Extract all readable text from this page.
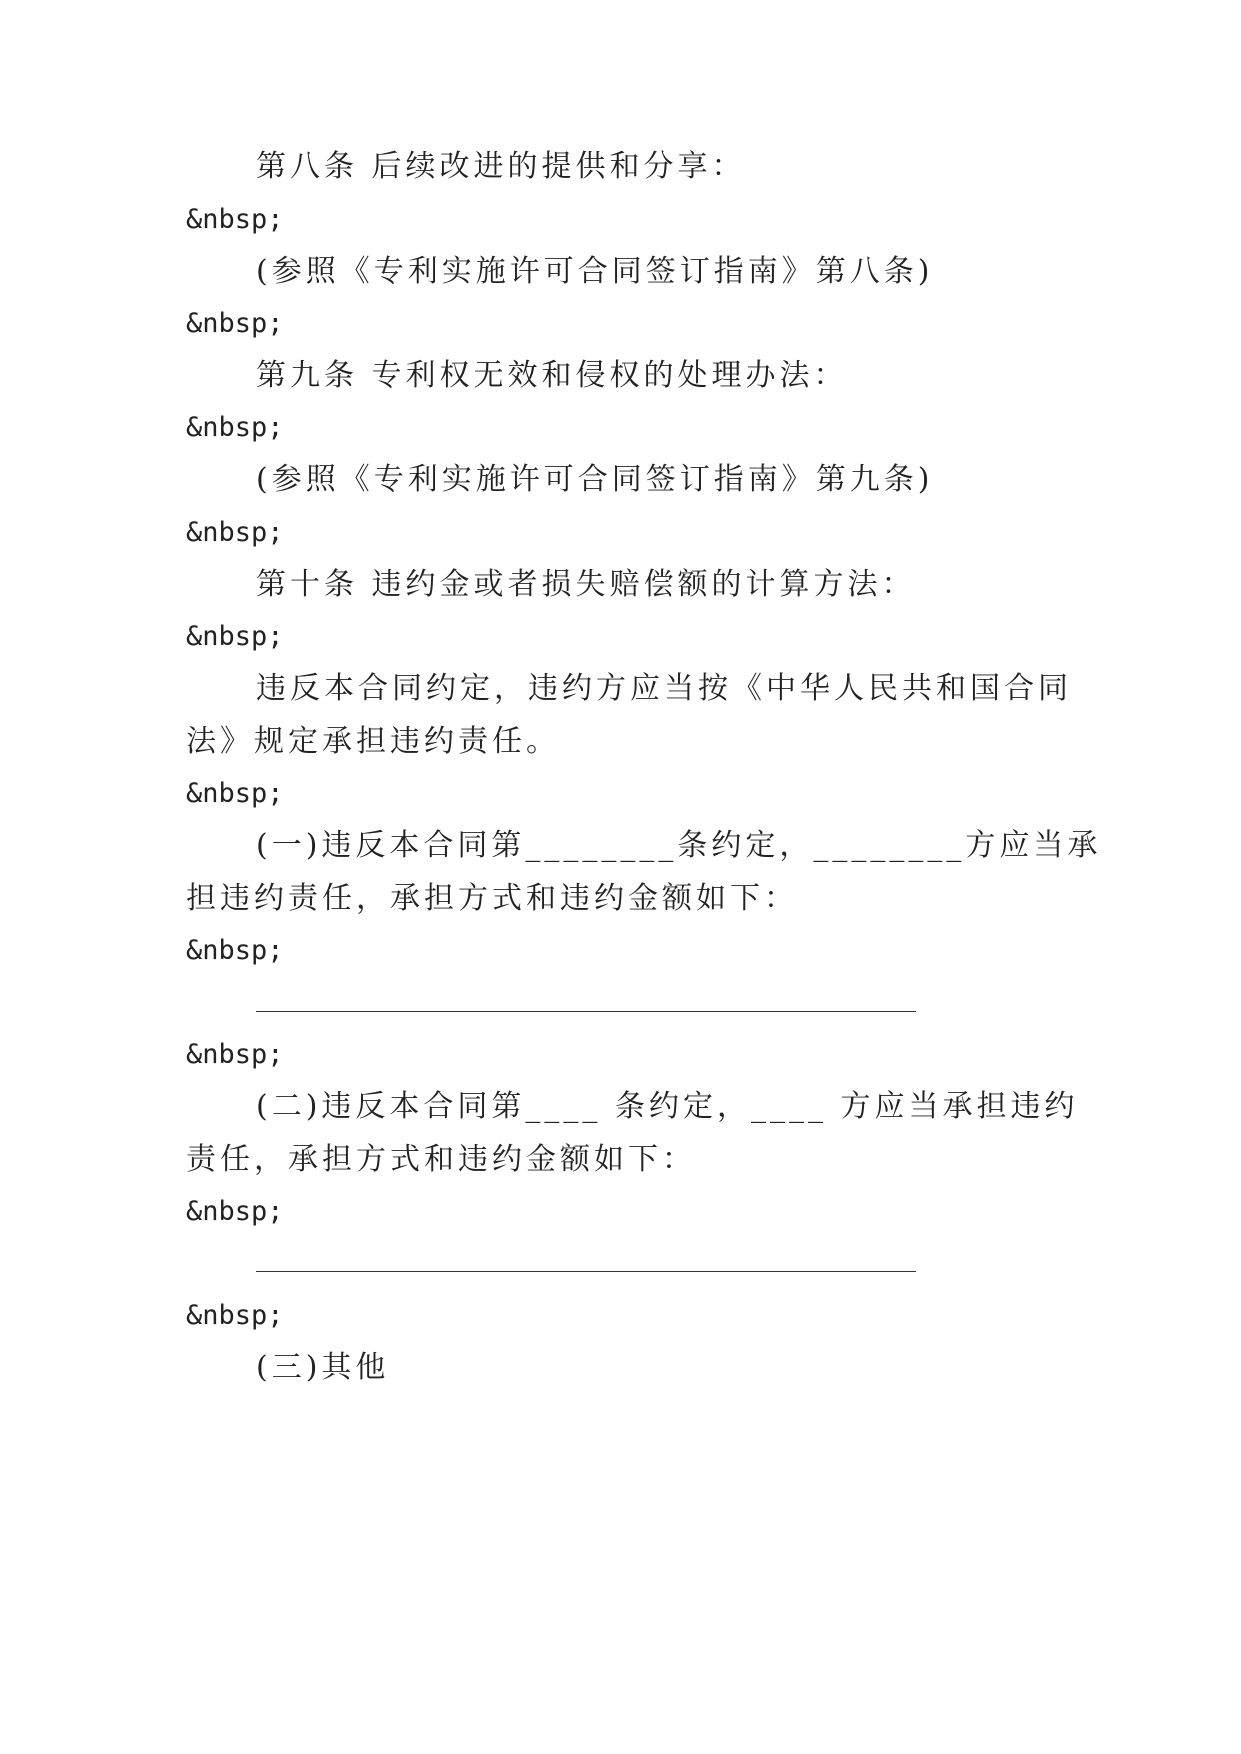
第八条 后续改进的提供和分享：
&nbsp;
(参照《专利实施许可合同签订指南》第八条)
&nbsp;
第九条 专利权无效和侵权的处理办法：
&nbsp;
(参照《专利实施许可合同签订指南》第九条)
&nbsp;
第十条 违约金或者损失赔偿额的计算方法：
&nbsp;
违反本合同约定，违约方应当按《中华人民共和国合同
法》规定承担违约责任。
&nbsp;
(一)违反本合同第________条约定，________方应当承
担违约责任，承担方式和违约金额如下：
&nbsp;
&nbsp;
(二)违反本合同第____ 条约定，____ 方应当承担违约
责任，承担方式和违约金额如下：
&nbsp;
&nbsp;
(三)其他
